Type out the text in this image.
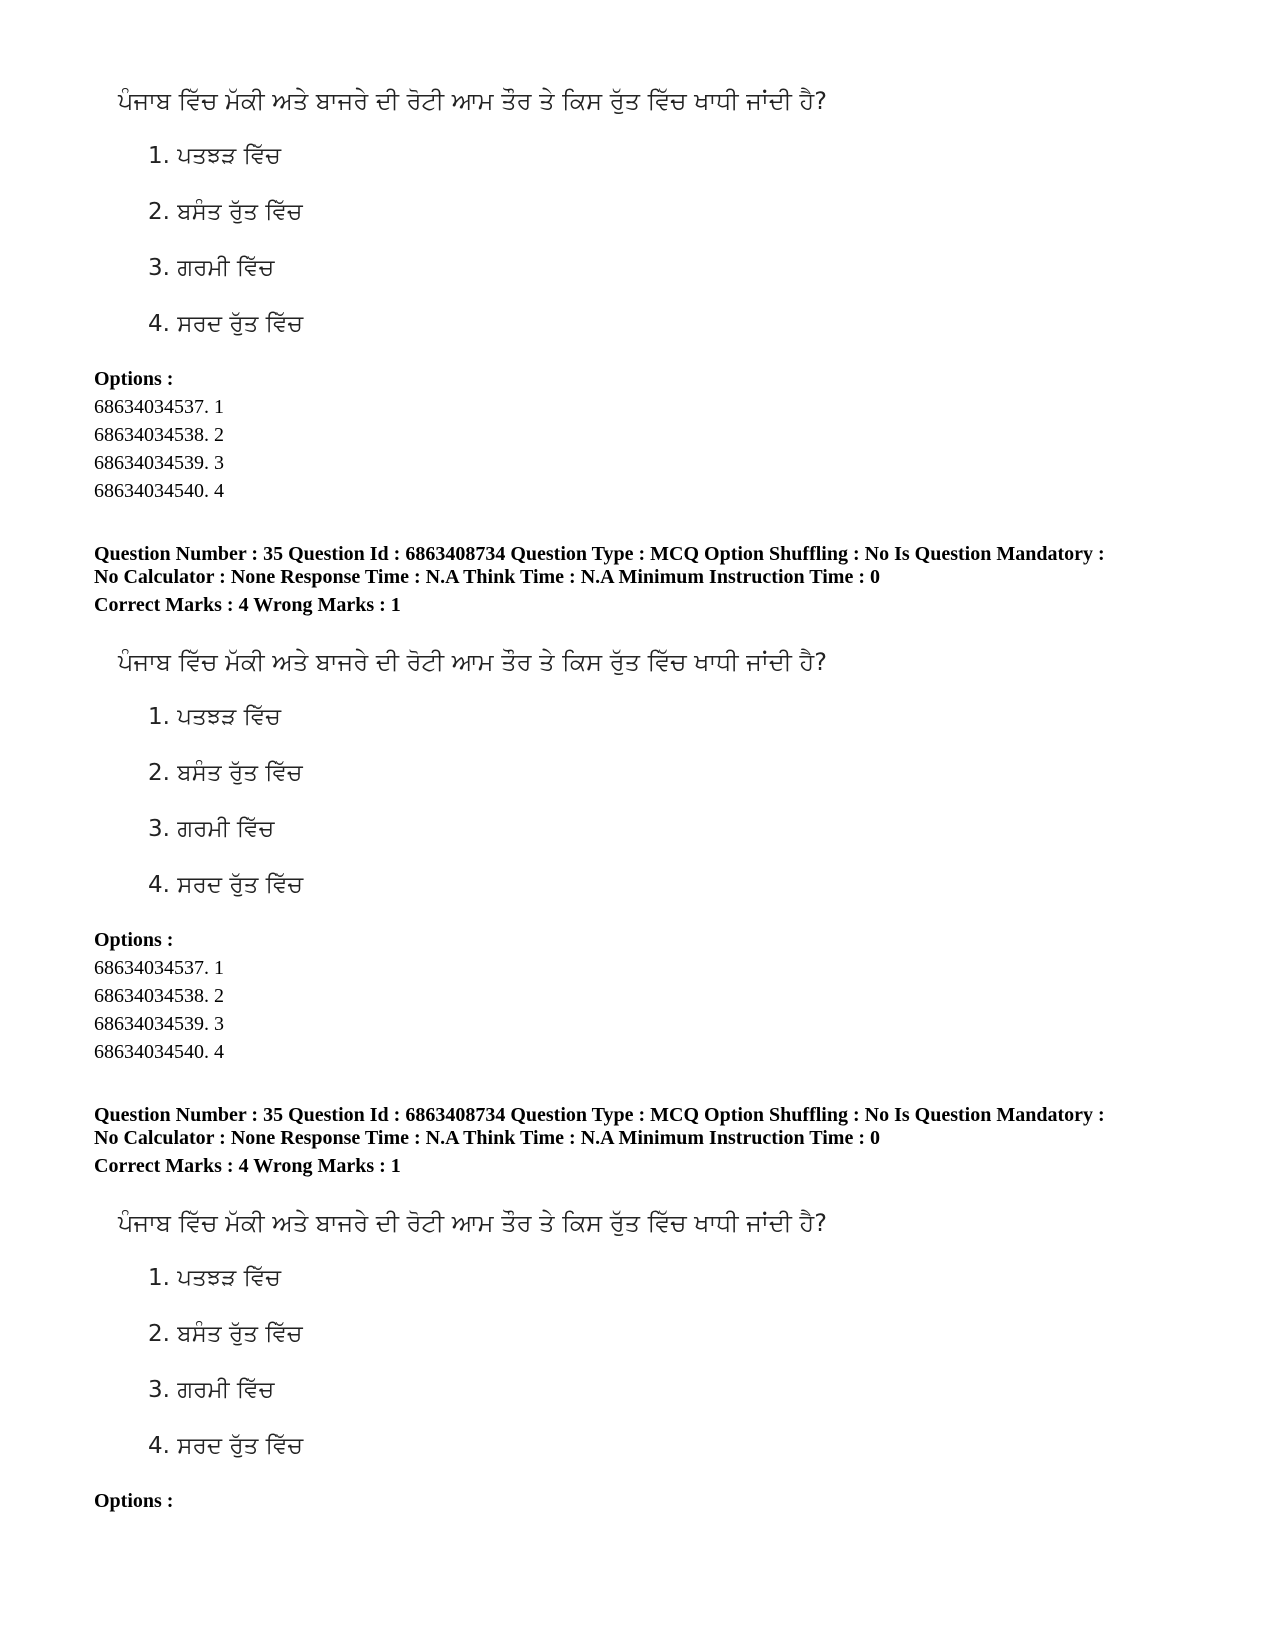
ਪੰਜਾਬ ਵਿੱਚ ਮੱਕੀ ਅਤੇ ਬਾਜਰੇ ਦੀ ਰੋਟੀ ਆਮ ਤੌਰ ਤੇ ਕਿਸ ਰੁੱਤ ਵਿੱਚ ਖਾਧੀ ਜਾਂਦੀ ਹੈ?
1. ਪਤਝੜ ਵਿੱਚ
2. ਬਸੰਤ ਰੁੱਤ ਵਿੱਚ
3. ਗਰਮੀ ਵਿੱਚ
4. ਸਰਦ ਰੁੱਤ ਵਿੱਚ
Options :
68634034537. 1
68634034538. 2
68634034539. 3
68634034540. 4
Question Number : 35 Question Id : 6863408734 Question Type : MCQ Option Shuffling : No Is Question Mandatory :
No Calculator : None Response Time : N.A Think Time : N.A Minimum Instruction Time : 0
Correct Marks : 4 Wrong Marks : 1
ਪੰਜਾਬ ਵਿੱਚ ਮੱਕੀ ਅਤੇ ਬਾਜਰੇ ਦੀ ਰੋਟੀ ਆਮ ਤੌਰ ਤੇ ਕਿਸ ਰੁੱਤ ਵਿੱਚ ਖਾਧੀ ਜਾਂਦੀ ਹੈ?
1. ਪਤਝੜ ਵਿੱਚ
2. ਬਸੰਤ ਰੁੱਤ ਵਿੱਚ
3. ਗਰਮੀ ਵਿੱਚ
4. ਸਰਦ ਰੁੱਤ ਵਿੱਚ
Options :
68634034537. 1
68634034538. 2
68634034539. 3
68634034540. 4
Question Number : 35 Question Id : 6863408734 Question Type : MCQ Option Shuffling : No Is Question Mandatory :
No Calculator : None Response Time : N.A Think Time : N.A Minimum Instruction Time : 0
Correct Marks : 4 Wrong Marks : 1
ਪੰਜਾਬ ਵਿੱਚ ਮੱਕੀ ਅਤੇ ਬਾਜਰੇ ਦੀ ਰੋਟੀ ਆਮ ਤੌਰ ਤੇ ਕਿਸ ਰੁੱਤ ਵਿੱਚ ਖਾਧੀ ਜਾਂਦੀ ਹੈ?
1. ਪਤਝੜ ਵਿੱਚ
2. ਬਸੰਤ ਰੁੱਤ ਵਿੱਚ
3. ਗਰਮੀ ਵਿੱਚ
4. ਸਰਦ ਰੁੱਤ ਵਿੱਚ
Options :
